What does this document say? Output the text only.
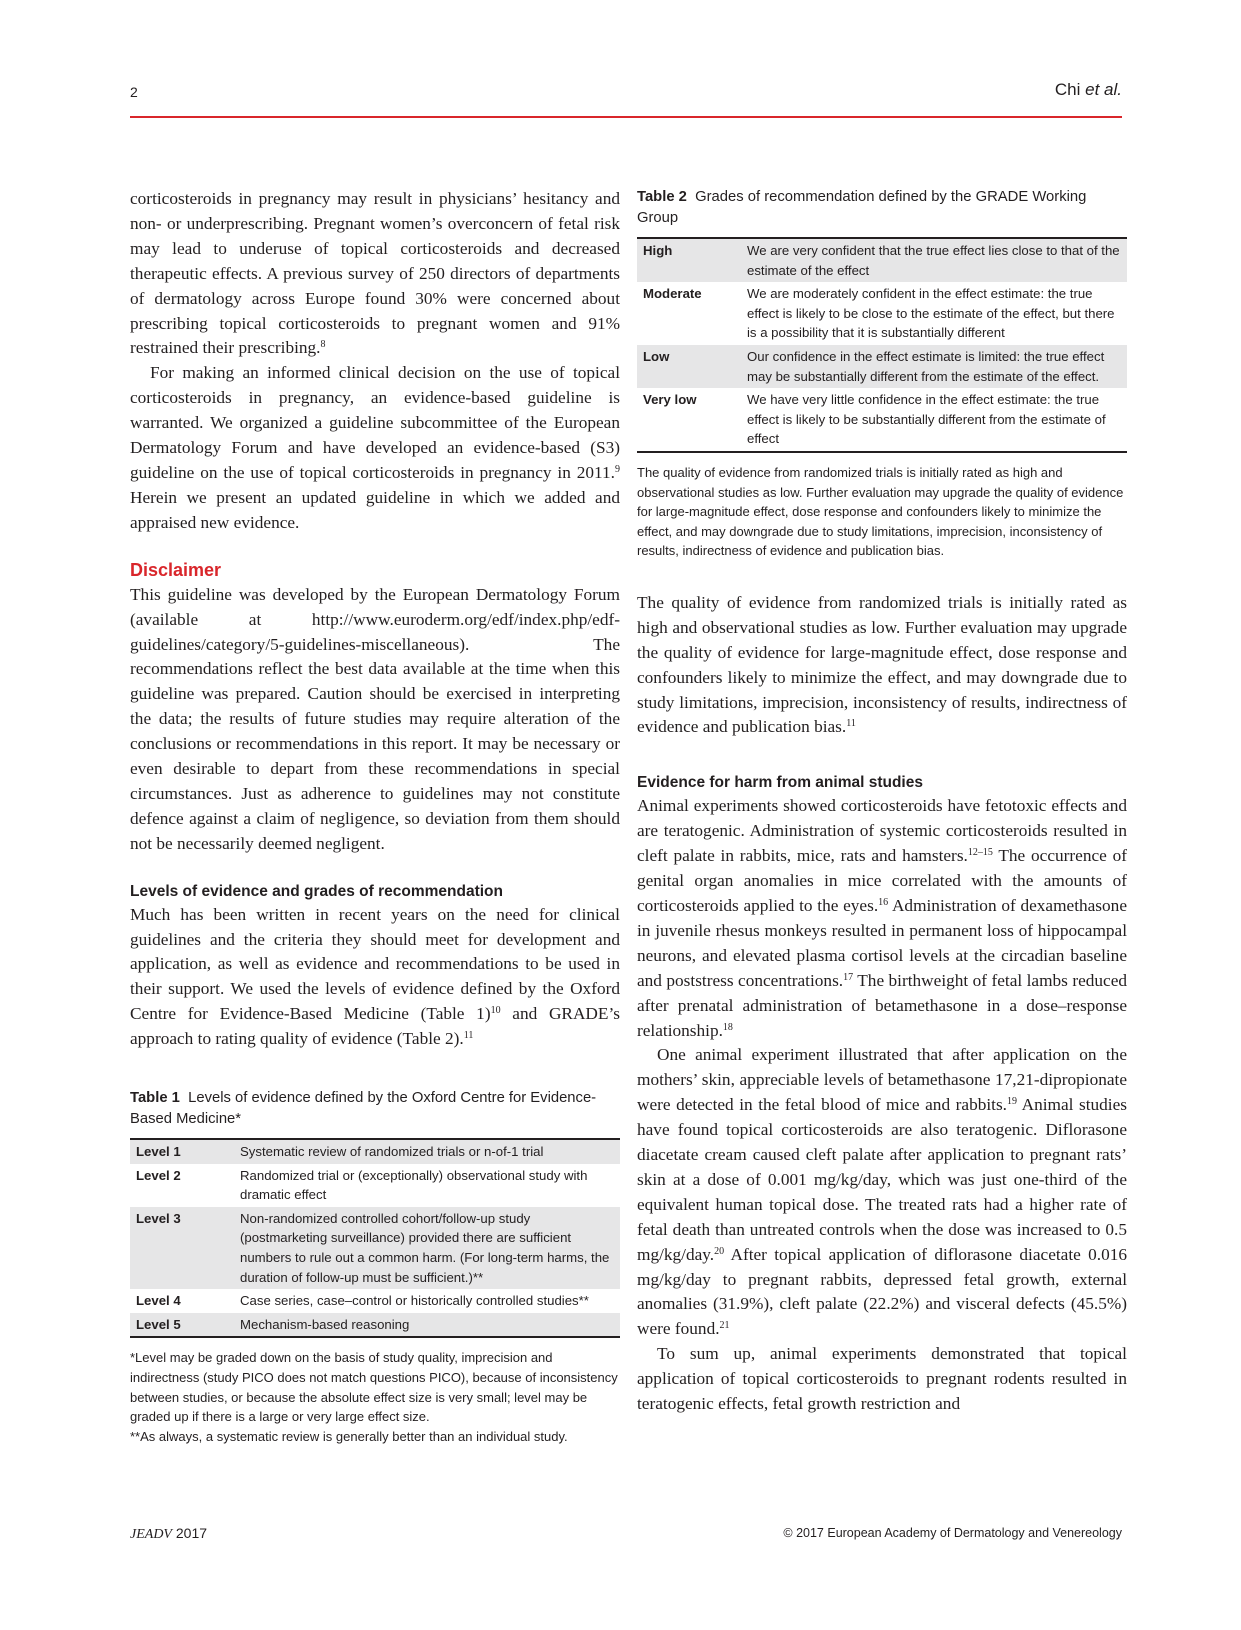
2	Chi et al.

corticosteroids in pregnancy may result in physicians’ hesitancy and non- or underprescribing. Pregnant women’s overconcern of fetal risk may lead to underuse of topical corticosteroids and decreased therapeutic effects. A previous survey of 250 directors of departments of dermatology across Europe found 30% were concerned about prescribing topical corticosteroids to pregnant women and 91% restrained their prescribing.$^8$

For making an informed clinical decision on the use of topical corticosteroids in pregnancy, an evidence-based guideline is warranted. We organized a guideline subcommittee of the European Dermatology Forum and have developed an evidence-based (S3) guideline on the use of topical corticosteroids in pregnancy in 2011.$^9$ Herein we present an updated guideline in which we added and appraised new evidence.

Disclaimer

This guideline was developed by the European Dermatology Forum (available at http://www.euroderm.org/edf/index.php/edf-guidelines/category/5-guidelines-miscellaneous). The recommendations reflect the best data available at the time when this guideline was prepared. Caution should be exercised in interpreting the data; the results of future studies may require alteration of the conclusions or recommendations in this report. It may be necessary or even desirable to depart from these recommendations in special circumstances. Just as adherence to guidelines may not constitute defence against a claim of negligence, so deviation from them should not be necessarily deemed negligent.

Levels of evidence and grades of recommendation

Much has been written in recent years on the need for clinical guidelines and the criteria they should meet for development and application, as well as evidence and recommendations to be used in their support. We used the levels of evidence defined by the Oxford Centre for Evidence-Based Medicine (Table 1)$^{10}$ and GRADE’s approach to rating quality of evidence (Table 2).$^{11}$

Table 1 Levels of evidence defined by the Oxford Centre for Evidence-Based Medicine*

Level 1	Systematic review of randomized trials or n-of-1 trial
Level 2	Randomized trial or (exceptionally) observational study with dramatic effect
Level 3	Non-randomized controlled cohort/follow-up study (postmarketing surveillance) provided there are sufficient numbers to rule out a common harm. (For long-term harms, the duration of follow-up must be sufficient.)**
Level 4	Case series, case–control or historically controlled studies**
Level 5	Mechanism-based reasoning
*Level may be graded down on the basis of study quality, imprecision and indirectness (study PICO does not match questions PICO), because of inconsistency between studies, or because the absolute effect size is very small; level may be graded up if there is a large or very large effect size.
**As always, a systematic review is generally better than an individual study.

Table 2 Grades of recommendation defined by the GRADE Working Group

High	We are very confident that the true effect lies close to that of the estimate of the effect
Moderate	We are moderately confident in the effect estimate: the true effect is likely to be close to the estimate of the effect, but there is a possibility that it is substantially different
Low	Our confidence in the effect estimate is limited: the true effect may be substantially different from the estimate of the effect.
Very low	We have very little confidence in the effect estimate: the true effect is likely to be substantially different from the estimate of effect
The quality of evidence from randomized trials is initially rated as high and observational studies as low. Further evaluation may upgrade the quality of evidence for large-magnitude effect, dose response and confounders likely to minimize the effect, and may downgrade due to study limitations, imprecision, inconsistency of results, indirectness of evidence and publication bias.

The quality of evidence from randomized trials is initially rated as high and observational studies as low. Further evaluation may upgrade the quality of evidence for large-magnitude effect, dose response and confounders likely to minimize the effect, and may downgrade due to study limitations, imprecision, inconsistency of results, indirectness of evidence and publication bias.$^{11}$

Evidence for harm from animal studies

Animal experiments showed corticosteroids have fetotoxic effects and are teratogenic. Administration of systemic corticosteroids resulted in cleft palate in rabbits, mice, rats and hamsters.$^{12-15}$ The occurrence of genital organ anomalies in mice correlated with the amounts of corticosteroids applied to the eyes.$^{16}$ Administration of dexamethasone in juvenile rhesus monkeys resulted in permanent loss of hippocampal neurons, and elevated plasma cortisol levels at the circadian baseline and poststress concentrations.$^{17}$ The birthweight of fetal lambs reduced after prenatal administration of betamethasone in a dose–response relationship.$^{18}$

One animal experiment illustrated that after application on the mothers’ skin, appreciable levels of betamethasone 17,21-dipropionate were detected in the fetal blood of mice and rabbits.$^{19}$ Animal studies have found topical corticosteroids are also teratogenic. Diflorasone diacetate cream caused cleft palate after application to pregnant rats’ skin at a dose of 0.001 mg/kg/day, which was just one-third of the equivalent human topical dose. The treated rats had a higher rate of fetal death than untreated controls when the dose was increased to 0.5 mg/kg/day.$^{20}$ After topical application of diflorasone diacetate 0.016 mg/kg/day to pregnant rabbits, depressed fetal growth, external anomalies (31.9%), cleft palate (22.2%) and visceral defects (45.5%) were found.$^{21}$

To sum up, animal experiments demonstrated that topical application of topical corticosteroids to pregnant rodents resulted in teratogenic effects, fetal growth restriction and

JEADV 2017	© 2017 European Academy of Dermatology and Venereology
